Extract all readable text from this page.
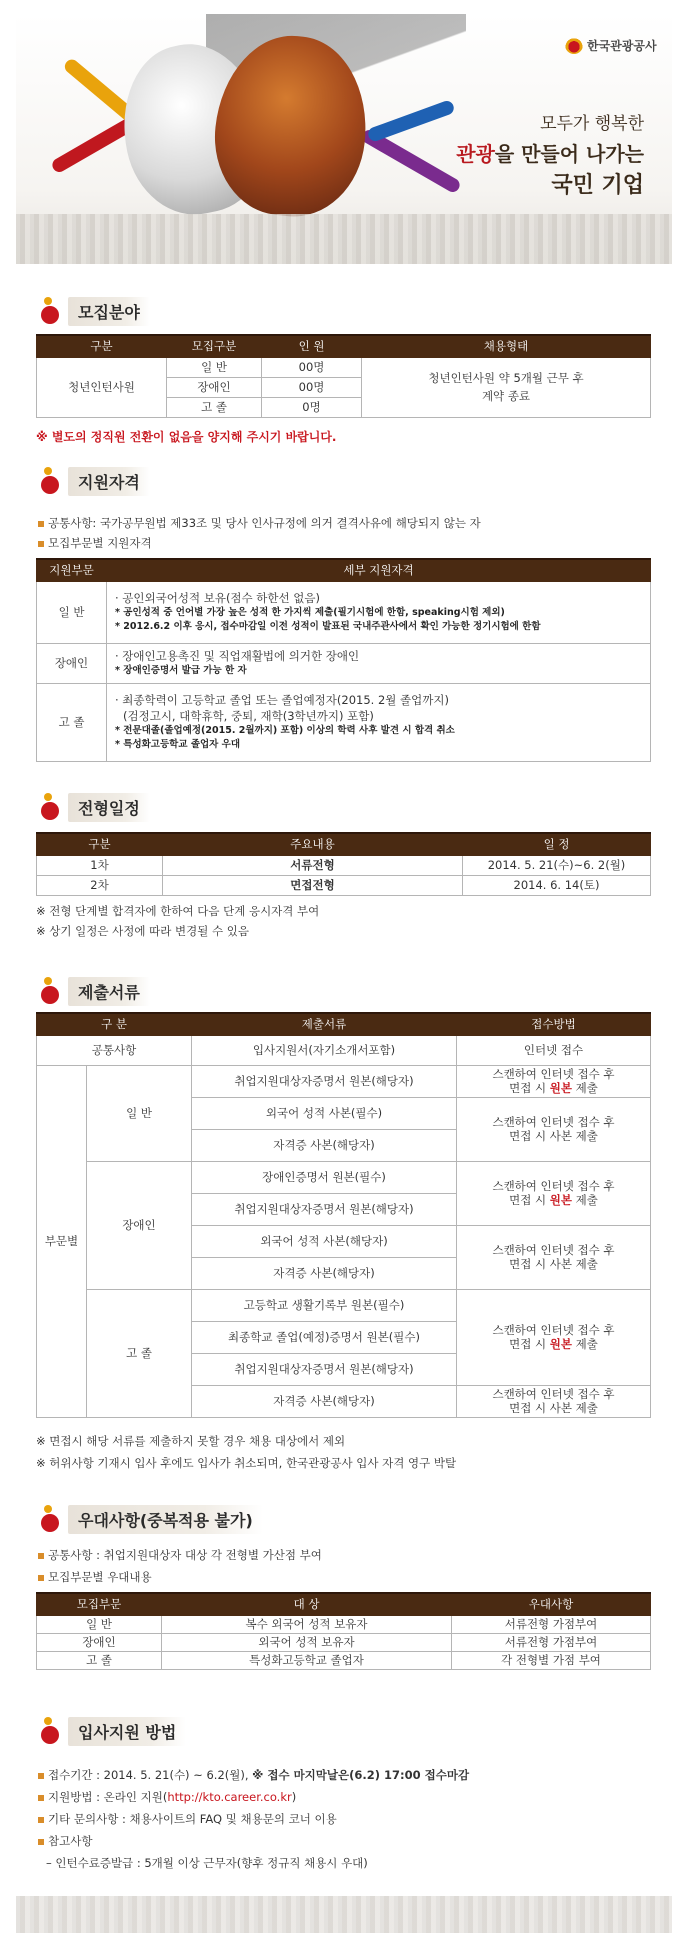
한국관광공사
모두가 행복한
관광을 만들어 나가는
국민 기업
모집분야
구분	모집구분	인 원	채용형태
청년인턴사원	일 반	00명	청년인턴사원 약 5개월 근무 후 계약 종료
	장애인	00명	
	고 졸	0명	
※ 별도의 정직원 전환이 없음을 양지해 주시기 바랍니다.
지원자격
공통사항: 국가공무원법 제33조 및 당사 인사규정에 의거 결격사유에 해당되지 않는 자
모집부문별 지원자격
지원부문	세부 지원자격
일 반	· 공인외국어성적 보유(점수 하한선 없음)
* 공인성적 중 언어별 가장 높은 성적 한 가지씩 제출(필기시험에 한함, speaking시험 제외)
* 2012.6.2 이후 응시, 접수마감일 이전 성적이 발표된 국내주관사에서 확인 가능한 정기시험에 한함

장애인	· 장애인고용촉진 및 직업재활법에 의거한 장애인
* 장애인증명서 발급 가능 한 자

고 졸	· 최종학력이 고등학교 졸업 또는 졸업예정자(2015. 2월 졸업까지)
(검정고시, 대학휴학, 중퇴, 재학(3학년까지) 포함)
* 전문대졸(졸업예정(2015. 2월까지) 포함) 이상의 학력 사후 발견 시 합격 취소
* 특성화고등학교 졸업자 우대
전형일정
구분	주요내용	일 정
1차	서류전형	2014. 5. 21(수)~6. 2(월)
2차	면접전형	2014. 6. 14(토)
※ 전형 단계별 합격자에 한하여 다음 단계 응시자격 부여
※ 상기 일정은 사정에 따라 변경될 수 있음
제출서류
구 분		제출서류	접수방법
공통사항		입사지원서(자기소개서포함)	인터넷 접수
부문별	일 반	취업지원대상자증명서 원본(해당자)	스캔하여 인터넷 접수 후
면접 시 원본 제출

		외국어 성적 사본(필수)	스캔하여 인터넷 접수 후
면접 시 사본 제출

		자격증 사본(해당자)	
	장애인	장애인증명서 원본(필수)	스캔하여 인터넷 접수 후
면접 시 원본 제출

		취업지원대상자증명서 원본(해당자)	
		외국어 성적 사본(해당자)	스캔하여 인터넷 접수 후
면접 시 사본 제출

		자격증 사본(해당자)	
	고 졸	고등학교 생활기록부 원본(필수)	스캔하여 인터넷 접수 후
면접 시 원본 제출

		최종학교 졸업(예정)증명서 원본(필수)	
		취업지원대상자증명서 원본(해당자)	
		자격증 사본(해당자)	스캔하여 인터넷 접수 후
면접 시 사본 제출
※ 면접시 해당 서류를 제출하지 못할 경우 채용 대상에서 제외
※ 허위사항 기재시 입사 후에도 입사가 취소되며, 한국관광공사 입사 자격 영구 박탈
우대사항(중복적용 불가)
공통사항 : 취업지원대상자 대상 각 전형별 가산점 부여
모집부문별 우대내용
모집부문	대 상	우대사항
일 반	복수 외국어 성적 보유자	서류전형 가점부여
장애인	외국어 성적 보유자	서류전형 가점부여
고 졸	특성화고등학교 졸업자	각 전형별 가점 부여
입사지원 방법
접수기간 : 2014. 5. 21(수) ~ 6.2(월), ※ 접수 마지막날은(6.2) 17:00 접수마감
지원방법 : 온라인 지원(http://kto.career.co.kr)
기타 문의사항 : 채용사이트의 FAQ 및 채용문의 코너 이용
참고사항
– 인턴수료증발급 : 5개월 이상 근무자(향후 정규직 채용시 우대)
